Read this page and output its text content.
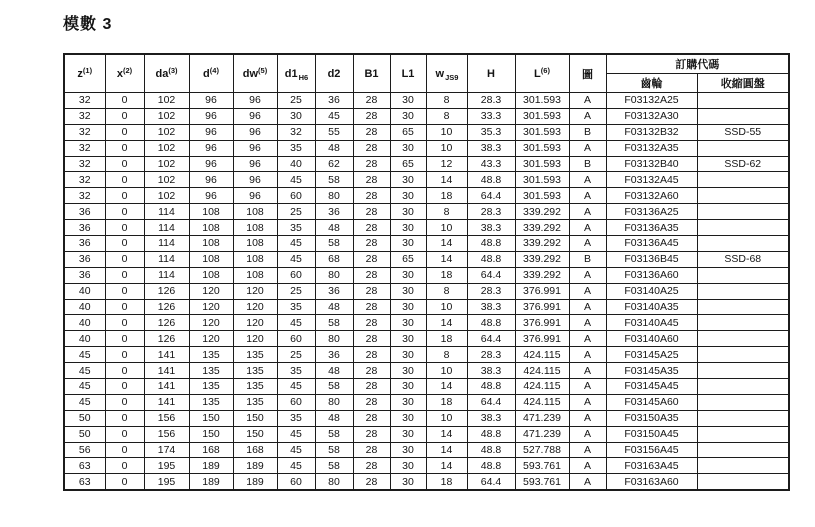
模數 3
$z^{(1)}$	$x^{(2)}$	$da^{(3)}$	$d^{(4)}$	$dw^{(5)}$	$d1_{H6}$	d2	B1	L1	$w_{JS9}$	H	$L^{(6)}$	圖	訂購代碼	
													齒輪	收縮圓盤
32	0	102	96	96	25	36	28	30	8	28.3	301.593	A	F03132A25	
32	0	102	96	96	30	45	28	30	8	33.3	301.593	A	F03132A30	
32	0	102	96	96	32	55	28	65	10	35.3	301.593	B	F03132B32	SSD-55
32	0	102	96	96	35	48	28	30	10	38.3	301.593	A	F03132A35	
32	0	102	96	96	40	62	28	65	12	43.3	301.593	B	F03132B40	SSD-62
32	0	102	96	96	45	58	28	30	14	48.8	301.593	A	F03132A45	
32	0	102	96	96	60	80	28	30	18	64.4	301.593	A	F03132A60	
36	0	114	108	108	25	36	28	30	8	28.3	339.292	A	F03136A25	
36	0	114	108	108	35	48	28	30	10	38.3	339.292	A	F03136A35	
36	0	114	108	108	45	58	28	30	14	48.8	339.292	A	F03136A45	
36	0	114	108	108	45	68	28	65	14	48.8	339.292	B	F03136B45	SSD-68
36	0	114	108	108	60	80	28	30	18	64.4	339.292	A	F03136A60	
40	0	126	120	120	25	36	28	30	8	28.3	376.991	A	F03140A25	
40	0	126	120	120	35	48	28	30	10	38.3	376.991	A	F03140A35	
40	0	126	120	120	45	58	28	30	14	48.8	376.991	A	F03140A45	
40	0	126	120	120	60	80	28	30	18	64.4	376.991	A	F03140A60	
45	0	141	135	135	25	36	28	30	8	28.3	424.115	A	F03145A25	
45	0	141	135	135	35	48	28	30	10	38.3	424.115	A	F03145A35	
45	0	141	135	135	45	58	28	30	14	48.8	424.115	A	F03145A45	
45	0	141	135	135	60	80	28	30	18	64.4	424.115	A	F03145A60	
50	0	156	150	150	35	48	28	30	10	38.3	471.239	A	F03150A35	
50	0	156	150	150	45	58	28	30	14	48.8	471.239	A	F03150A45	
56	0	174	168	168	45	58	28	30	14	48.8	527.788	A	F03156A45	
63	0	195	189	189	45	58	28	30	14	48.8	593.761	A	F03163A45	
63	0	195	189	189	60	80	28	30	18	64.4	593.761	A	F03163A60	
